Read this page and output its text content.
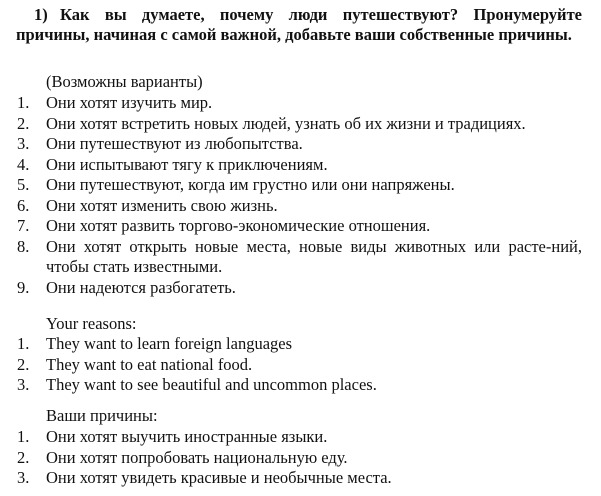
1) Как вы думаете, почему люди путешествуют? Пронумеруйте причины, начиная с самой важной, добавьте ваши собственные причины.
(Возможны варианты)
1. Они хотят изучить мир.
2. Они хотят встретить новых людей, узнать об их жизни и традициях.
3. Они путешествуют из любопытства.
4. Они испытывают тягу к приключениям.
5. Они путешествуют, когда им грустно или они напряжены.
6. Они хотят изменить свою жизнь.
7. Они хотят развить торгово-экономические отношения.
8. Они хотят открыть новые места, новые виды животных или расте-ний, чтобы стать известными.
9. Они надеются разбогатеть.
Your reasons:
1. They want to learn foreign languages
2. They want to eat national food.
3. They want to see beautiful and uncommon places.
Ваши причины:
1. Они хотят выучить иностранные языки.
2. Они хотят попробовать национальную еду.
3. Они хотят увидеть красивые и необычные места.
